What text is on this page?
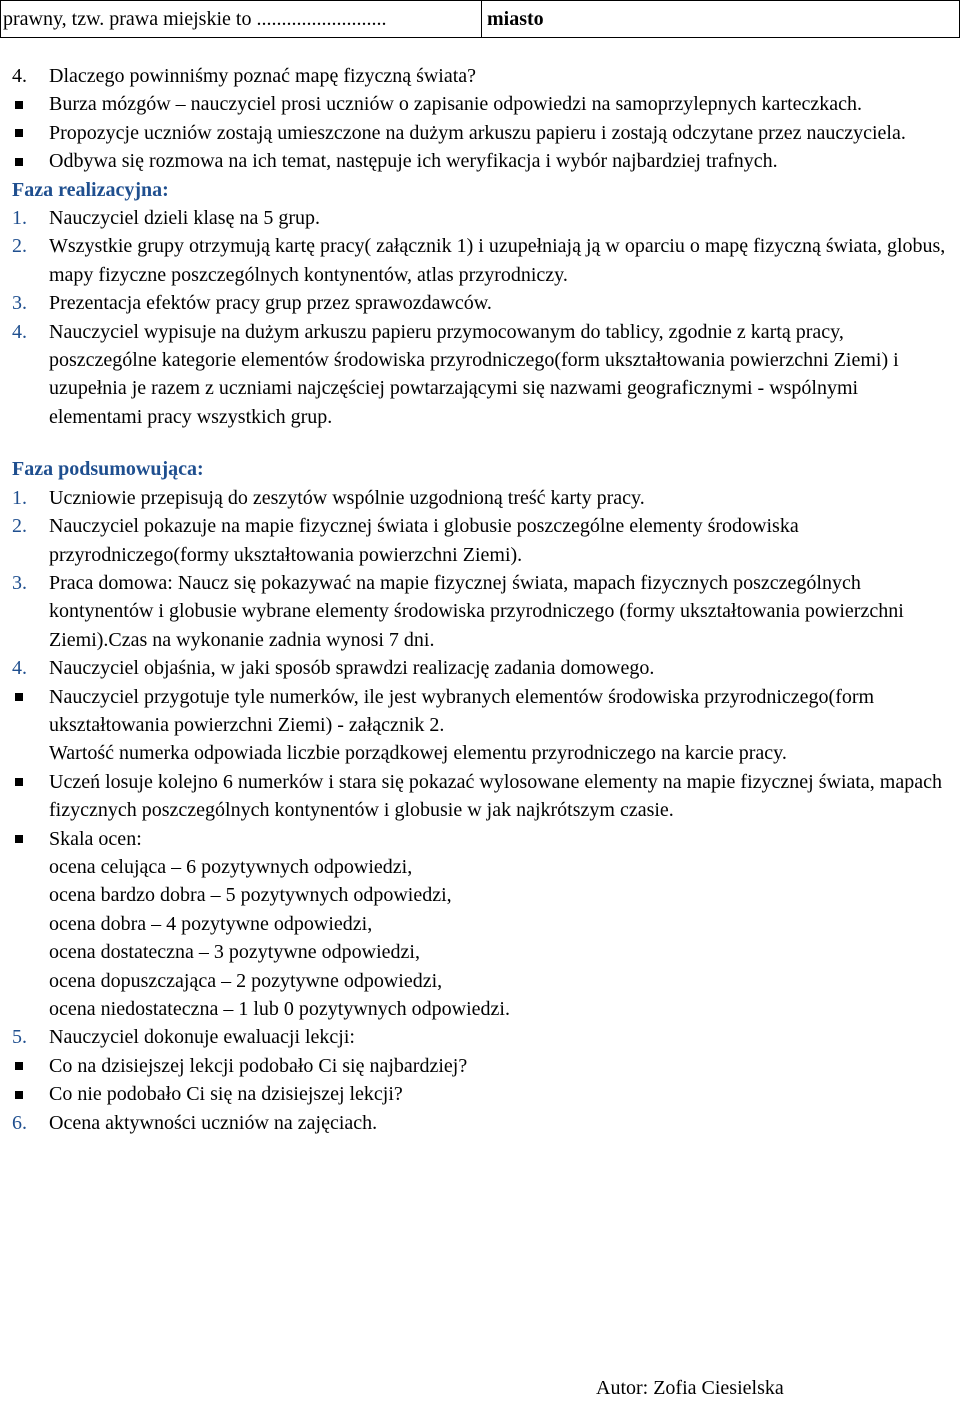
prawny, tzw. prawa miejskie to ..........................	miasto
4.	Dlaczego powinniśmy poznać mapę fizyczną świata?
Burza mózgów – nauczyciel prosi uczniów o zapisanie odpowiedzi na samoprzylepnych karteczkach.
Propozycje uczniów zostają umieszczone na dużym arkuszu papieru i zostają odczytane przez nauczyciela.
Odbywa się rozmowa na ich temat, następuje ich weryfikacja i wybór najbardziej trafnych.
Faza realizacyjna:
1.	Nauczyciel dzieli klasę na 5 grup.
2.	Wszystkie grupy otrzymują kartę pracy( załącznik 1) i uzupełniają ją w oparciu o mapę fizyczną świata, globus, mapy fizyczne poszczególnych kontynentów, atlas przyrodniczy.
3.	Prezentacja efektów pracy grup przez sprawozdawców.
4.	Nauczyciel wypisuje na dużym arkuszu papieru przymocowanym do tablicy, zgodnie z kartą pracy, poszczególne kategorie elementów środowiska przyrodniczego(form ukształtowania powierzchni Ziemi) i uzupełnia je razem z uczniami najczęściej powtarzającymi się nazwami geograficznymi - wspólnymi elementami pracy wszystkich grup.
Faza podsumowująca:
1.	Uczniowie przepisują do zeszytów wspólnie uzgodnioną treść karty pracy.
2.	Nauczyciel pokazuje na mapie fizycznej świata i globusie poszczególne elementy środowiska przyrodniczego(formy ukształtowania powierzchni Ziemi).
3.	Praca domowa: Naucz się pokazywać na mapie fizycznej świata, mapach fizycznych poszczególnych kontynentów i globusie wybrane elementy środowiska przyrodniczego (formy ukształtowania powierzchni Ziemi).Czas na wykonanie zadnia wynosi 7 dni.
4.	Nauczyciel objaśnia, w jaki sposób sprawdzi realizację zadania domowego.
Nauczyciel przygotuje tyle numerków, ile jest wybranych elementów środowiska przyrodniczego(form ukształtowania powierzchni Ziemi) - załącznik 2.
Wartość numerka odpowiada liczbie porządkowej elementu przyrodniczego na karcie pracy.
Uczeń losuje kolejno 6 numerków i stara się pokazać wylosowane elementy na mapie fizycznej świata, mapach fizycznych poszczególnych kontynentów i globusie w jak najkrótszym czasie.
Skala ocen:
ocena celująca – 6 pozytywnych odpowiedzi,
ocena bardzo dobra – 5 pozytywnych odpowiedzi,
ocena dobra – 4 pozytywne odpowiedzi,
ocena dostateczna – 3 pozytywne odpowiedzi,
ocena dopuszczająca – 2 pozytywne odpowiedzi,
ocena niedostateczna – 1 lub 0 pozytywnych odpowiedzi.
5.	Nauczyciel dokonuje ewaluacji lekcji:
Co na dzisiejszej lekcji podobało Ci się najbardziej?
Co nie podobało Ci się na dzisiejszej lekcji?
6.	Ocena aktywności uczniów na zajęciach.
Autor: Zofia Ciesielska
